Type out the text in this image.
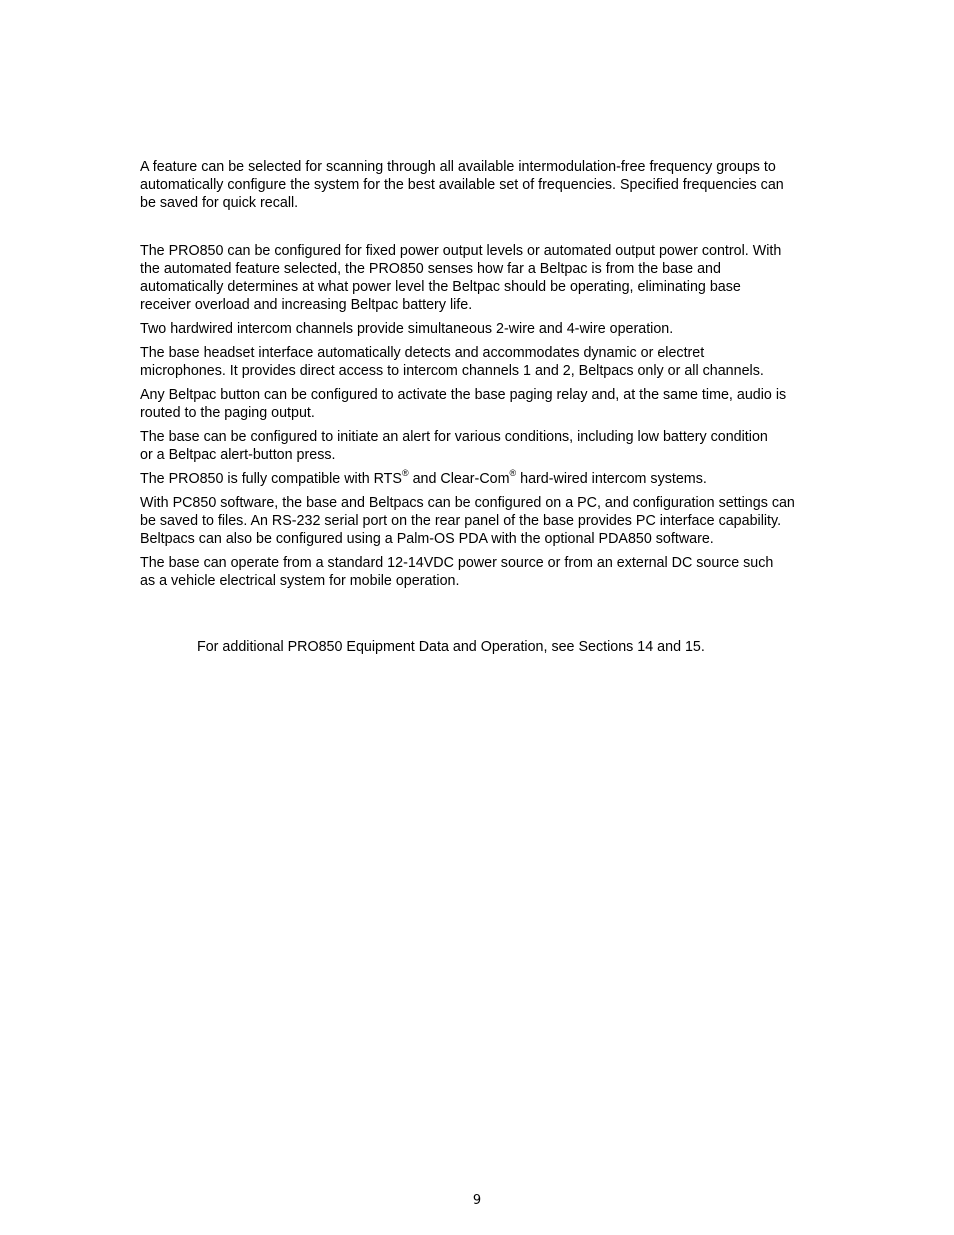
A feature can be selected for scanning through all available intermodulation-free frequency groups to
automatically configure the system for the best available set of frequencies. Specified frequencies can
be saved for quick recall.

The PRO850 can be configured for fixed power output levels or automated output power control. With
the automated feature selected, the PRO850 senses how far a Beltpac is from the base and
automatically determines at what power level the Beltpac should be operating, eliminating base
receiver overload and increasing Beltpac battery life.

Two hardwired intercom channels provide simultaneous 2-wire and 4-wire operation.

The base headset interface automatically detects and accommodates dynamic or electret
microphones. It provides direct access to intercom channels 1 and 2, Beltpacs only or all channels.

Any Beltpac button can be configured to activate the base paging relay and, at the same time, audio is
routed to the paging output.

The base can be configured to initiate an alert for various conditions, including low battery condition
or a Beltpac alert-button press.

The PRO850 is fully compatible with RTS® and Clear-Com® hard-wired intercom systems.

With PC850 software, the base and Beltpacs can be configured on a PC, and configuration settings can
be saved to files. An RS-232 serial port on the rear panel of the base provides PC interface capability.
Beltpacs can also be configured using a Palm-OS PDA with the optional PDA850 software.

The base can operate from a standard 12-14VDC power source or from an external DC source such
as a vehicle electrical system for mobile operation.

For additional PRO850 Equipment Data and Operation, see Sections 14 and 15.

9
